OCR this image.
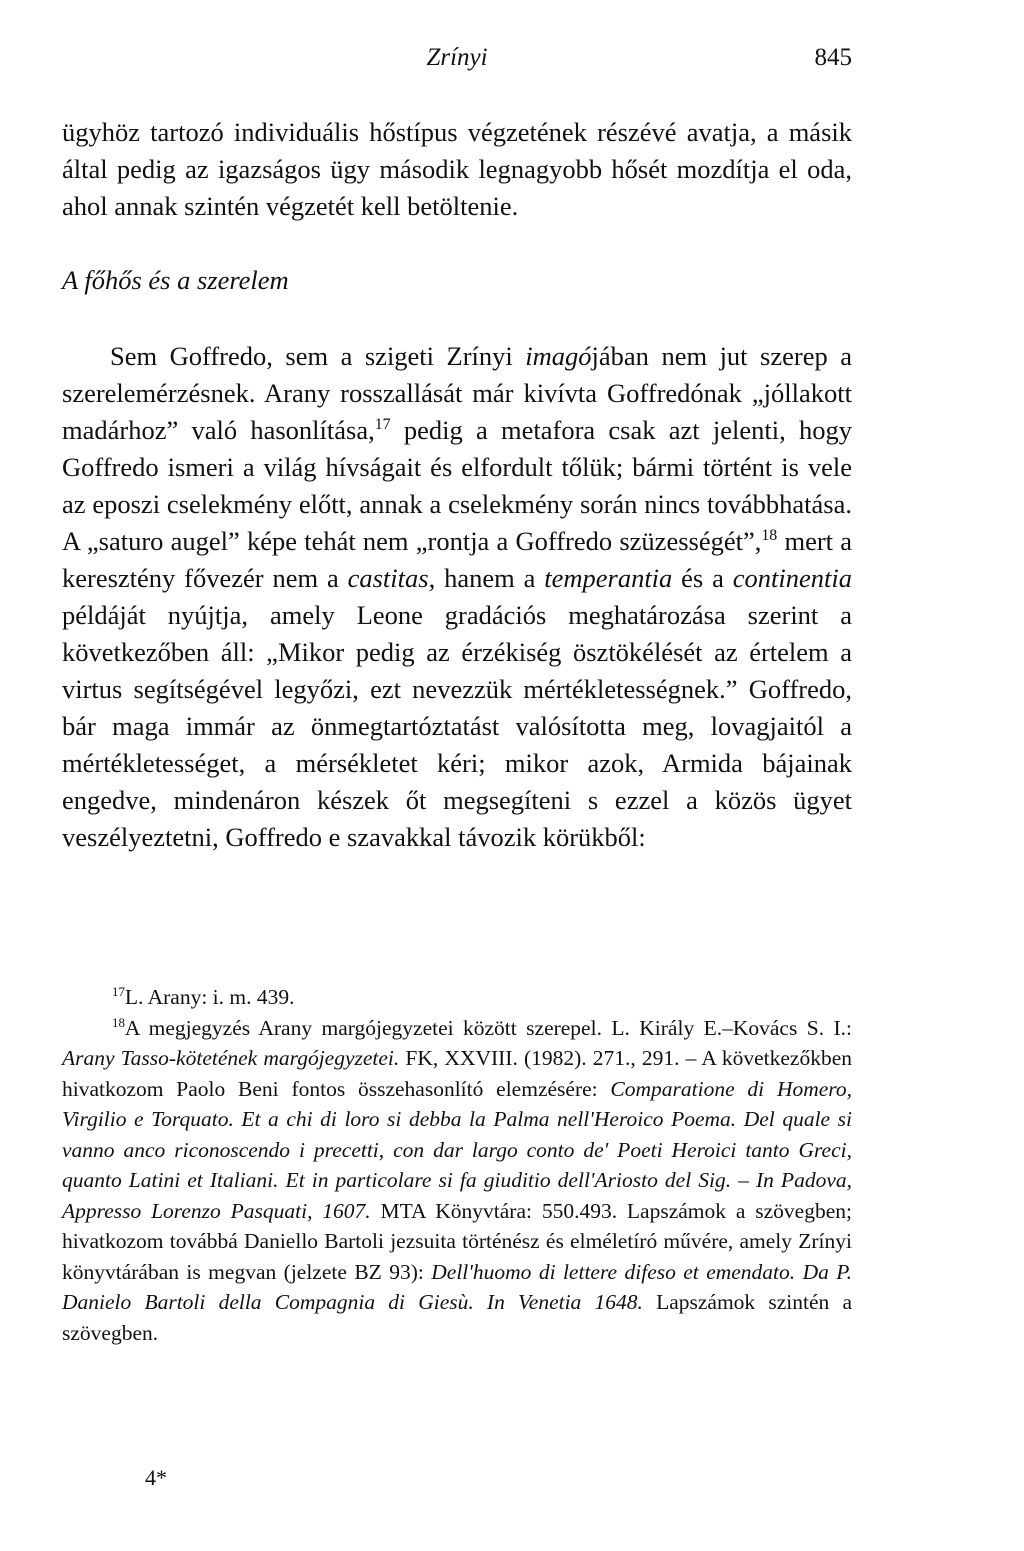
Zrínyi	845

ügyhöz tartozó individuális hőstípus végzetének részévé avatja, a másik által pedig az igazságos ügy második legnagyobb hősét mozdítja el oda, ahol annak szintén végzetét kell betöltenie.

A főhős és a szerelem

Sem Goffredo, sem a szigeti Zrínyi imagójában nem jut szerep a szerelemérzésnek. Arany rosszallását már kivívta Goffredónak „jóllakott madárhoz” való hasonlítása,$^{17}$ pedig a metafora csak azt jelenti, hogy Goffredo ismeri a világ hívságait és elfordult tőlük; bármi történt is vele az eposzi cselekmény előtt, annak a cselekmény során nincs továbbhatása. A „saturo augel” képe tehát nem „rontja a Goffredo szüzességét”,$^{18}$ mert a keresztény fővezér nem a castitas, hanem a temperantia és a continentia példáját nyújtja, amely Leone gradációs meghatározása szerint a következőben áll: „Mikor pedig az érzékiség ösztökélését az értelem a virtus segítségével legyőzi, ezt nevezzük mértékletességnek.” Goffredo, bár maga immár az önmegtartóztatást valósította meg, lovagjaitól a mértékletességet, a mérsékletet kéri; mikor azok, Armida bájainak engedve, mindenáron készek őt megsegíteni s ezzel a közös ügyet veszélyeztetni, Goffredo e szavakkal távozik körükből:

$^{17}$L. Arany: i. m. 439.

$^{18}$A megjegyzés Arany margójegyzetei között szerepel. L. Király E.–Kovács S. I.: Arany Tasso-kötetének margójegyzetei. FK, XXVIII. (1982). 271., 291. – A következőkben hivatkozom Paolo Beni fontos összehasonlító elemzésére: Comparatione di Homero, Virgilio e Torquato. Et a chi di loro si debba la Palma nell'Heroico Poema. Del quale si vanno anco riconoscendo i precetti, con dar largo conto de' Poeti Heroici tanto Greci, quanto Latini et Italiani. Et in particolare si fa giuditio dell'Ariosto del Sig. – In Padova, Appresso Lorenzo Pasquati, 1607. MTA Könyvtára: 550.493. Lapszámok a szövegben; hivatkozom továbbá Daniello Bartoli jezsuita történész és elméletíró művére, amely Zrínyi könyvtárában is megvan (jelzete BZ 93): Dell'huomo di lettere difeso et emendato. Da P. Danielo Bartoli della Compagnia di Giesù. In Venetia 1648. Lapszámok szintén a szövegben.

4*
